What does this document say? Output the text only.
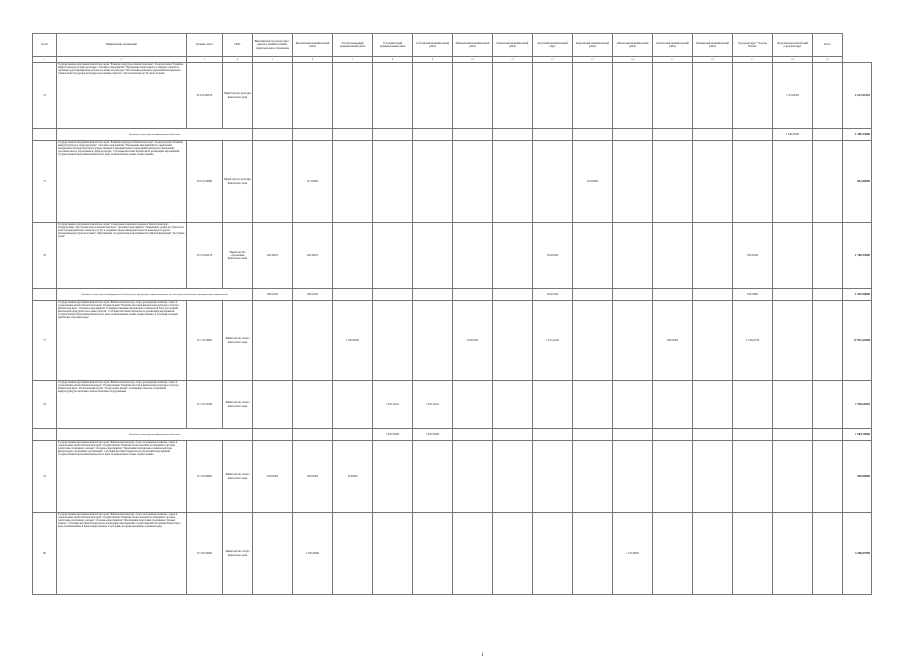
№ п/п	Наименование организации	Целевая статья	ГРБС	Вилючинский городской округ - закрытое административно-территориальное образование	Быстринский муниципальный район	Усть-Большерецкий муниципальный район	Усть-Камчатский муниципальный район	Соболевский муниципальный район	Мильковский муниципальный район	Елизовский муниципальный район	Алеутский муниципальный округ	Карагинский муниципальный район	Тигильский муниципальный район	Олюторский муниципальный район	Пенжинский муниципальный район	Городской округ "поселок Палана"	Петропавловск-Камчатский городской округ	Итого	
1	2	3	4	5	6	7	8	9	10	11	12	13	14	15	16	17	18	19	
74	Государственная программа Камчатского края "Развитие культуры в Камчатском крае". Подпрограмма "Развитие инфраструктуры в сфере культуры". Основное мероприятие "Проведение капитального и текущего ремонтов, охранные и реставрационные работы на объектах культуры" Обеспечение развития и укрепления материально-технической базы домов культуры в населенных пунктах с числом жителей до 50 тысяч человек	05 9 02 R4670	Министерство культуры Камчатского края														1 512,92361		1 612,92361
	Расходы за счёт средств федерального бюджета																1 249,33080		1 280,33080
75	Государственная программа Камчатского края "Развитие культуры в Камчатском крае". Подпрограмма "Развитие инфраструктуры в сфере культуры". Основное мероприятие "Проведение мероприятий по укреплению материально-технической базы государственных и муниципальных учреждений культуры и учреждений дополнительного образования в сфере культуры". Субсидии местным бюджетам на реализацию мероприятий государственной программы Камчатского края, не включенных в иные подпрограммы	05 6 03 40080	Министерство культуры Камчатского края		617,00000							225,00000							842,00000
76	Государственная программа Камчатского края "Социальная поддержка граждан в Камчатском крае". Подпрограмма "Доступная среда в Камчатском крае". Основное мероприятие "Повышение уровня доступности и качества приоритетных объектов и услуг в основных сферах жизнедеятельности инвалидов и других маломобильных групп населения". Мероприятия государственной программы Российской Федерации "Доступная среда"	03 3 02 R0270	Министерство образования Камчатского края	620,34970	620,34970						319,67620					236,32430			1 788,33000
	Расходы за счёт средств федерального бюджета (не требующих софинансирования за счёт средств бюджетов муниципальных образований)			568,52700	569,52700						293,01500					234,76000			1 659,50000
77	Государственная программа Камчатского края "Физическая культура, спорт, молодежная политика, отдых и оздоровление детей в Камчатском крае". Подпрограмма "Развитие массовой физической культуры и спорта в Камчатском крае". Основное мероприятие "Совершенствование материально-технической базы для занятий физической культурой и массовым спортом". Субсидии местным бюджетам на реализацию мероприятий государственной программы Камчатского края, не включенных в иные подпрограммы, и субсидии, которым присвоены отдельные коды	07 1 03 40060	Министерство спорта Камчатского края			5 700,00000			163,67500		1 472,41430			568,50000		4 734,04758			12 952,20388
78	Государственная программа Камчатского края "Физическая культура, спорт, молодежная политика, отдых и оздоровление детей в Камчатском крае". Подпрограмма "Развитие массовой физической культуры и спорта в Камчатском крае". Региональный проект "Спорт-норма жизни". Оснащение объектов спортивной инфраструктуры спортивно-технологическим оборудованием	07 1 P5 52280	Министерство спорта Камчатского края				3 679,14161	3 679,14161											7 358,28282
	Расходы за счёт средств федерального бюджета						3 642,35000	3 642,35000											7 284,70000
79	Государственная программа Камчатского края "Физическая культура, спорт, молодежная политика, отдых и оздоровление детей в Камчатском крае". Подпрограмма "Развитие спорта высших достижений и системы подготовки спортивного резерва". Основное мероприятие "Укрепление материально-технической базы физкультурно-спортивных организаций". Субсидии местным бюджетам на реализацию мероприятий государственной программы Камчатского края, не включенных в иные подпрограммы	07 3 03 40060	Министерство спорта Камчатского края	250,00000	200,00000	50,00000													500,00000
80	Государственная программа Камчатского края "Физическая культура, спорт, молодежная политика, отдых и оздоровление детей в Камчатском крае". Подпрограмма "Развитие спорта высших достижений и системы подготовки спортивного резерва". Основное мероприятие "Обеспечение подготовки спортивных сборных команд". Субсидии местным бюджетам на реализацию мероприятий государственной программы Камчатского края, не включенных в иные подпрограммы, и субсидии, которым присвоены отдельные коды	07 3 05 40060	Министерство спорта Камчатского края		3 250,20600								1 116,58400						4 366,07000
1
